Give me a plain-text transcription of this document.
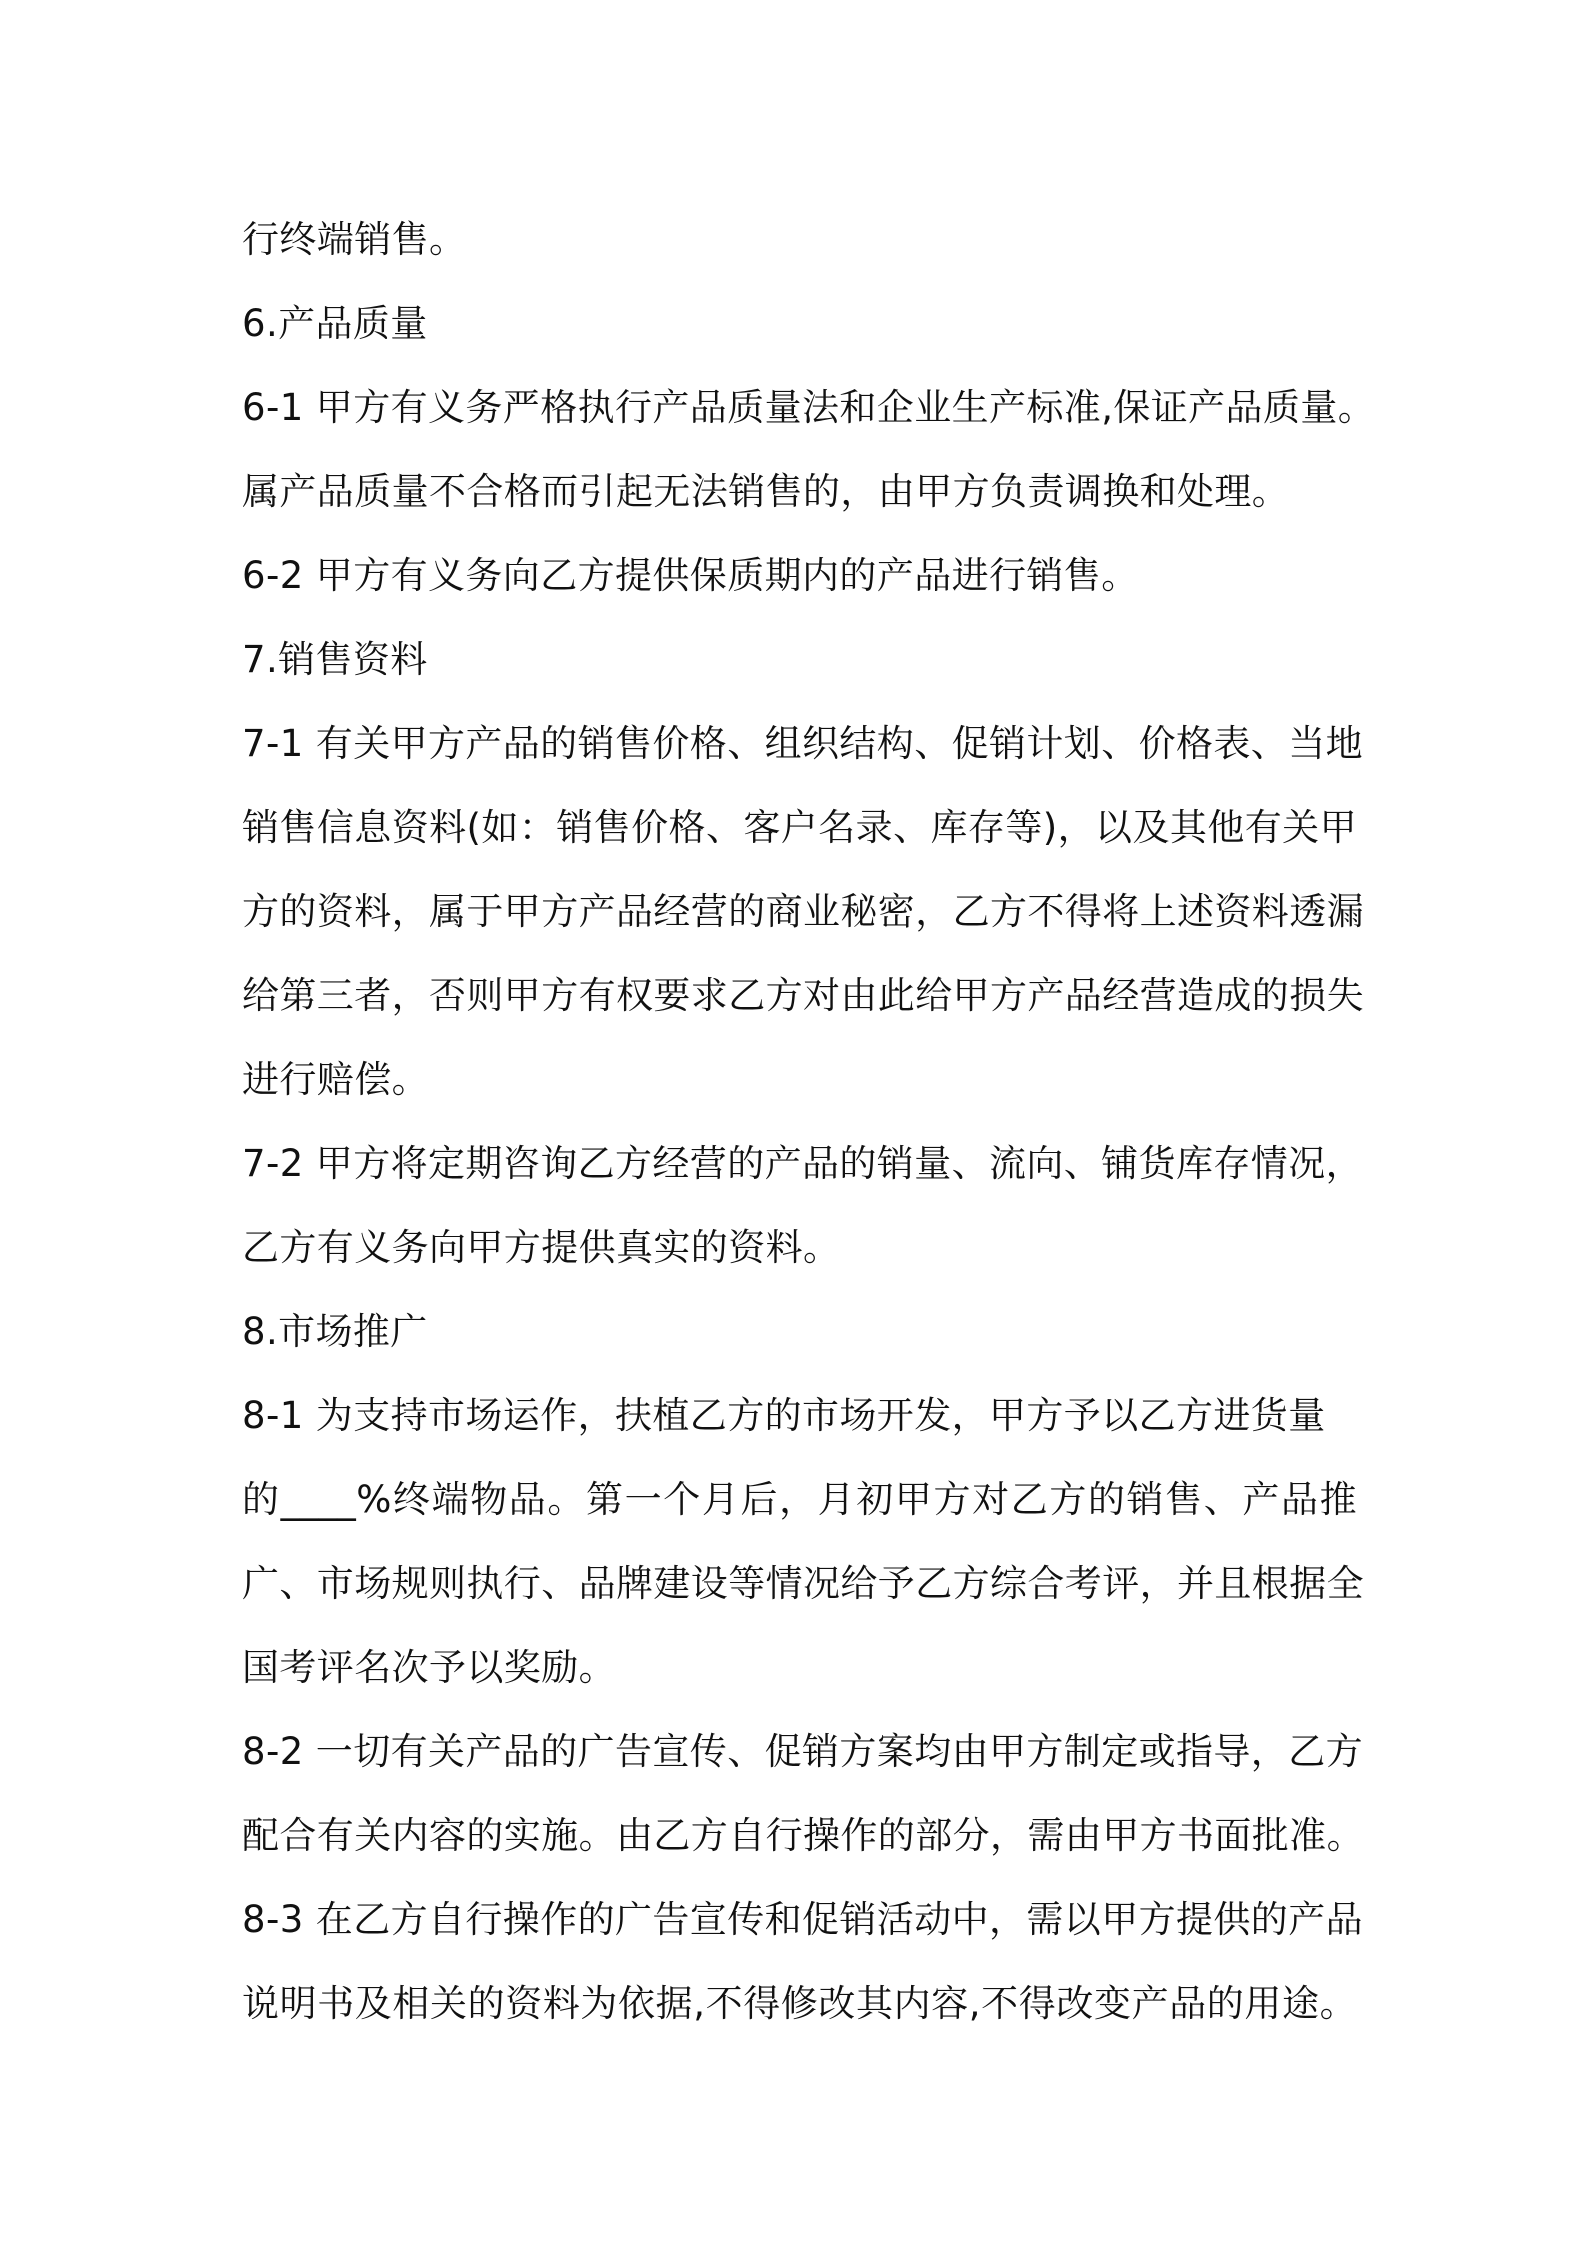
行终端销售。
6.产品质量
6-1 甲方有义务严格执行产品质量法和企业生产标准,保证产品质量。
属产品质量不合格而引起无法销售的，由甲方负责调换和处理。
6-2 甲方有义务向乙方提供保质期内的产品进行销售。
7.销售资料
7-1 有关甲方产品的销售价格、组织结构、促销计划、价格表、当地
销售信息资料(如：销售价格、客户名录、库存等)，以及其他有关甲
方的资料，属于甲方产品经营的商业秘密，乙方不得将上述资料透漏
给第三者，否则甲方有权要求乙方对由此给甲方产品经营造成的损失
进行赔偿。
7-2 甲方将定期咨询乙方经营的产品的销量、流向、铺货库存情况，
乙方有义务向甲方提供真实的资料。
8.市场推广
8-1 为支持市场运作，扶植乙方的市场开发，甲方予以乙方进货量
的____%终端物品。第一个月后，月初甲方对乙方的销售、产品推
广、市场规则执行、品牌建设等情况给予乙方综合考评，并且根据全
国考评名次予以奖励。
8-2 一切有关产品的广告宣传、促销方案均由甲方制定或指导，乙方
配合有关内容的实施。由乙方自行操作的部分，需由甲方书面批准。
8-3 在乙方自行操作的广告宣传和促销活动中，需以甲方提供的产品
说明书及相关的资料为依据,不得修改其内容,不得改变产品的用途。
